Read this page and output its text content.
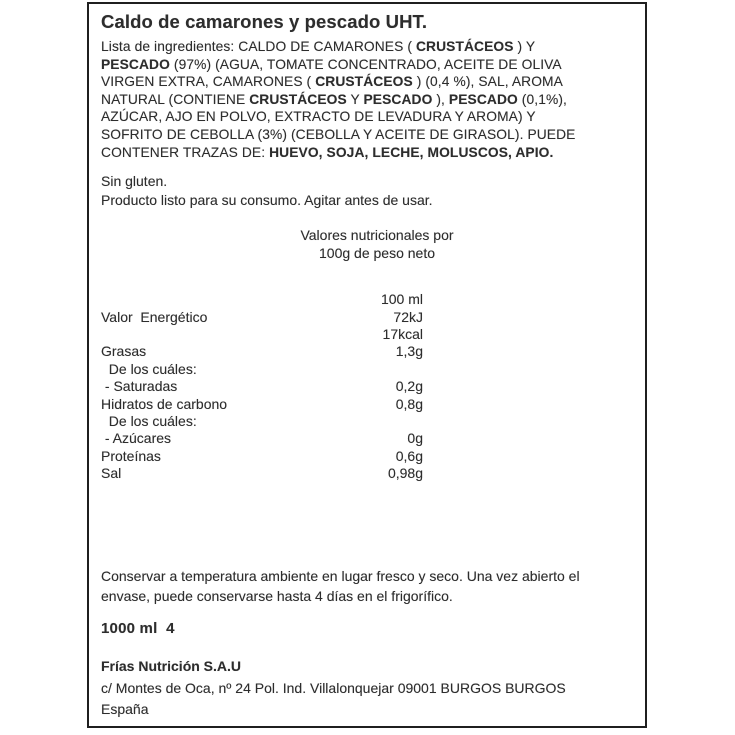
Caldo de camarones y pescado UHT.

Lista de ingredientes: CALDO DE CAMARONES ( CRUSTÁCEOS ) Y
PESCADO (97%) (AGUA, TOMATE CONCENTRADO, ACEITE DE OLIVA
VIRGEN EXTRA, CAMARONES ( CRUSTÁCEOS ) (0,4 %), SAL, AROMA
NATURAL (CONTIENE CRUSTÁCEOS Y PESCADO ), PESCADO (0,1%),
AZÚCAR, AJO EN POLVO, EXTRACTO DE LEVADURA Y AROMA) Y
SOFRITO DE CEBOLLA (3%) (CEBOLLA Y ACEITE DE GIRASOL). PUEDE
CONTENER TRAZAS DE: HUEVO, SOJA, LECHE, MOLUSCOS, APIO.

Sin gluten.
Producto listo para su consumo. Agitar antes de usar.
Valores nutricionales por
100g de peso neto
100 ml
Valor  Energético	72kJ
17kcal
Grasas	1,3g
De los cuáles:
- Saturadas	0,2g
Hidratos de carbono	0,8g
De los cuáles:
- Azúcares	0g
Proteínas	0,6g
Sal	0,98g

Conservar a temperatura ambiente en lugar fresco y seco. Una vez abierto el
envase, puede conservarse hasta 4 días en el frigorífico.

1000 ml  4
Frías Nutrición S.A.U
c/ Montes de Oca, nº 24 Pol. Ind. Villalonquejar 09001 BURGOS BURGOS
España
